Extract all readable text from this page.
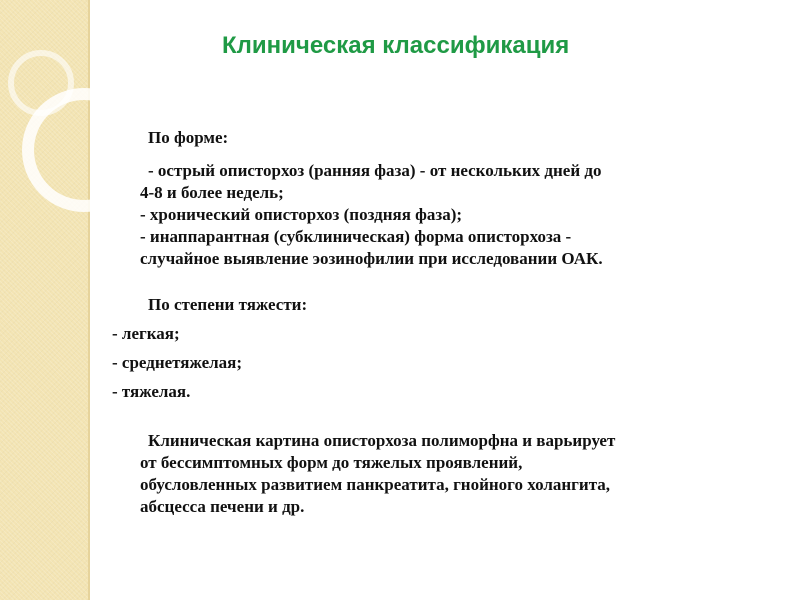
Клиническая классификация
По форме:
- острый описторхоз (ранняя фаза) - от нескольких дней до
4-8 и более недель;
- хронический описторхоз (поздняя фаза);
- инаппарантная (субклиническая) форма описторхоза -
случайное выявление эозинофилии при исследовании ОАК.
По степени тяжести:
- легкая;
- среднетяжелая;
- тяжелая.
Клиническая картина описторхоза полиморфна и варьирует
от бессимптомных форм до тяжелых проявлений,
обусловленных развитием панкреатита, гнойного холангита,
абсцесса печени и др.
